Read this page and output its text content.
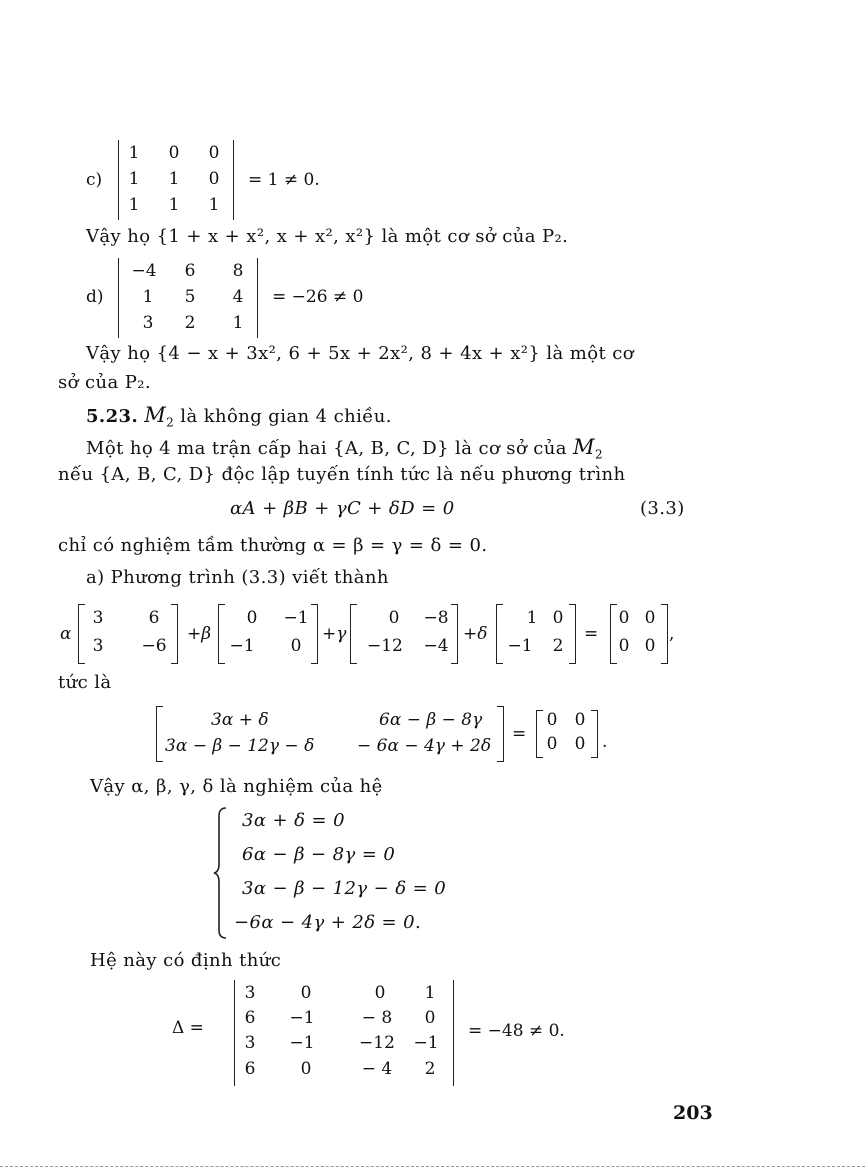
c)
1	0	0
1	1	0
1	1	1
= 1 ≠ 0.
Vậy họ {1 + x + x², x + x², x²} là một cơ sở của P₂.
d)
−4	6	8
1	5	4
3	2	1
= −26 ≠ 0
Vậy họ {4 − x + 3x², 6 + 5x + 2x², 8 + 4x + x²} là một cơ
sở của P₂.
5.23. $M_2$ là không gian 4 chiều.
Một họ 4 ma trận cấp hai {A, B, C, D} là cơ sở của $M_2$
nếu {A, B, C, D} độc lập tuyến tính tức là nếu phương trình
αA + βB + γC + δD = 0	(3.3)
chỉ có nghiệm tầm thường α = β = γ = δ = 0.
a) Phương trình (3.3) viết thành
α
3	6
3	−6
+β
0	−1
−1	0
+γ
0	−8
−12 −4
+δ
1 0
−1	2
=
0 0
0 0
,
tức là
3α + δ	6α − β − 8γ
3α − β − 12γ − δ	− 6α − 4γ + 2δ
=
0	0
0	0 .
Vậy α, β, γ, δ là nghiệm của hệ
3α + δ = 0
6α − β − 8γ = 0
3α − β − 12γ − δ = 0
−6α − 4γ + 2δ = 0.
Hệ này có định thức
Δ =
3	0	0	1
6	−1	− 8	0
3	−1	−12 −1
6	0	− 4	2
= −48 ≠ 0.
203
